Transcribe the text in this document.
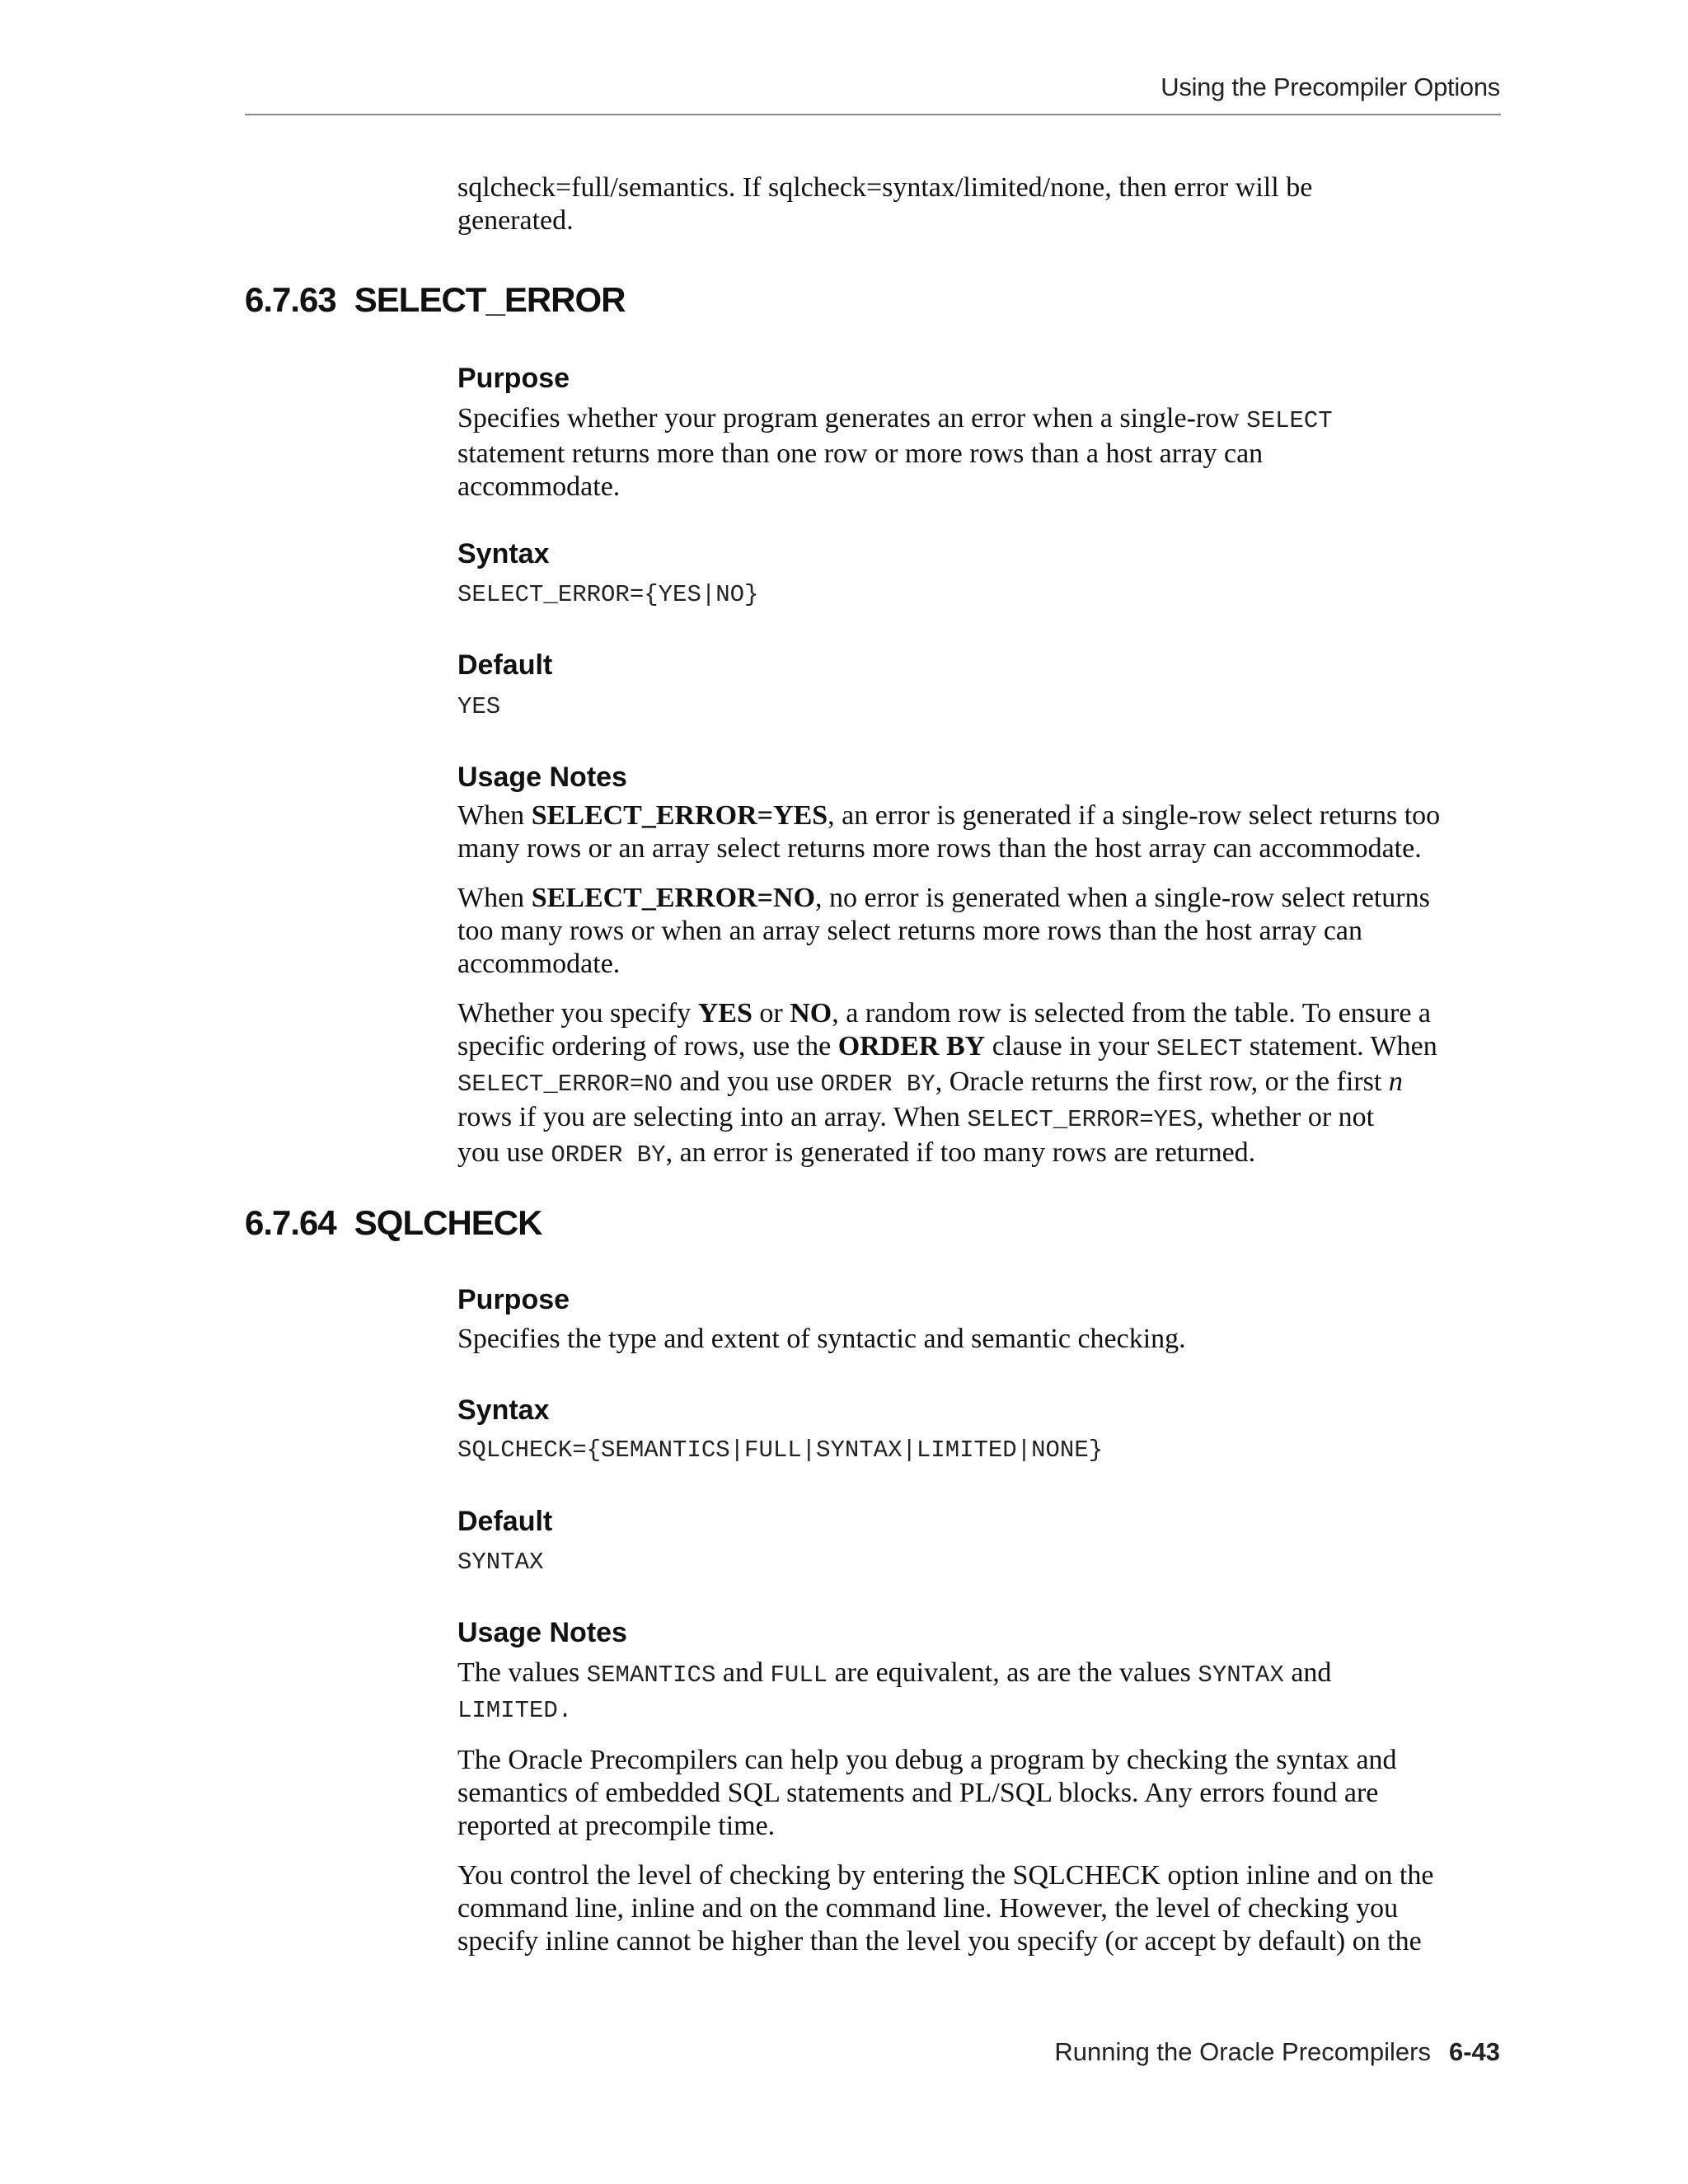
Using the Precompiler Options

sqlcheck=full/semantics. If sqlcheck=syntax/limited/none, then error will be

generated.

6.7.63 SELECT_ERROR
Purpose

Specifies whether your program generates an error when a single-row SELECT

statement returns more than one row or more rows than a host array can

accommodate.

Syntax

SELECT_ERROR={YES|NO}

Default

YES

Usage Notes

When SELECT_ERROR=YES, an error is generated if a single-row select returns too

many rows or an array select returns more rows than the host array can accommodate.

When SELECT_ERROR=NO, no error is generated when a single-row select returns

too many rows or when an array select returns more rows than the host array can

accommodate.

Whether you specify YES or NO, a random row is selected from the table. To ensure a

specific ordering of rows, use the ORDER BY clause in your SELECT statement. When

SELECT_ERROR=NO and you use ORDER BY, Oracle returns the first row, or the first n

rows if you are selecting into an array. When SELECT_ERROR=YES, whether or not

you use ORDER BY, an error is generated if too many rows are returned.

6.7.64 SQLCHECK
Purpose

Specifies the type and extent of syntactic and semantic checking.

Syntax

SQLCHECK={SEMANTICS|FULL|SYNTAX|LIMITED|NONE}

Default

SYNTAX

Usage Notes

The values SEMANTICS and FULL are equivalent, as are the values SYNTAX and

LIMITED.

The Oracle Precompilers can help you debug a program by checking the syntax and

semantics of embedded SQL statements and PL/SQL blocks. Any errors found are

reported at precompile time.

You control the level of checking by entering the SQLCHECK option inline and on the

command line, inline and on the command line. However, the level of checking you

specify inline cannot be higher than the level you specify (or accept by default) on the

Running the Oracle Precompilers 6-43
